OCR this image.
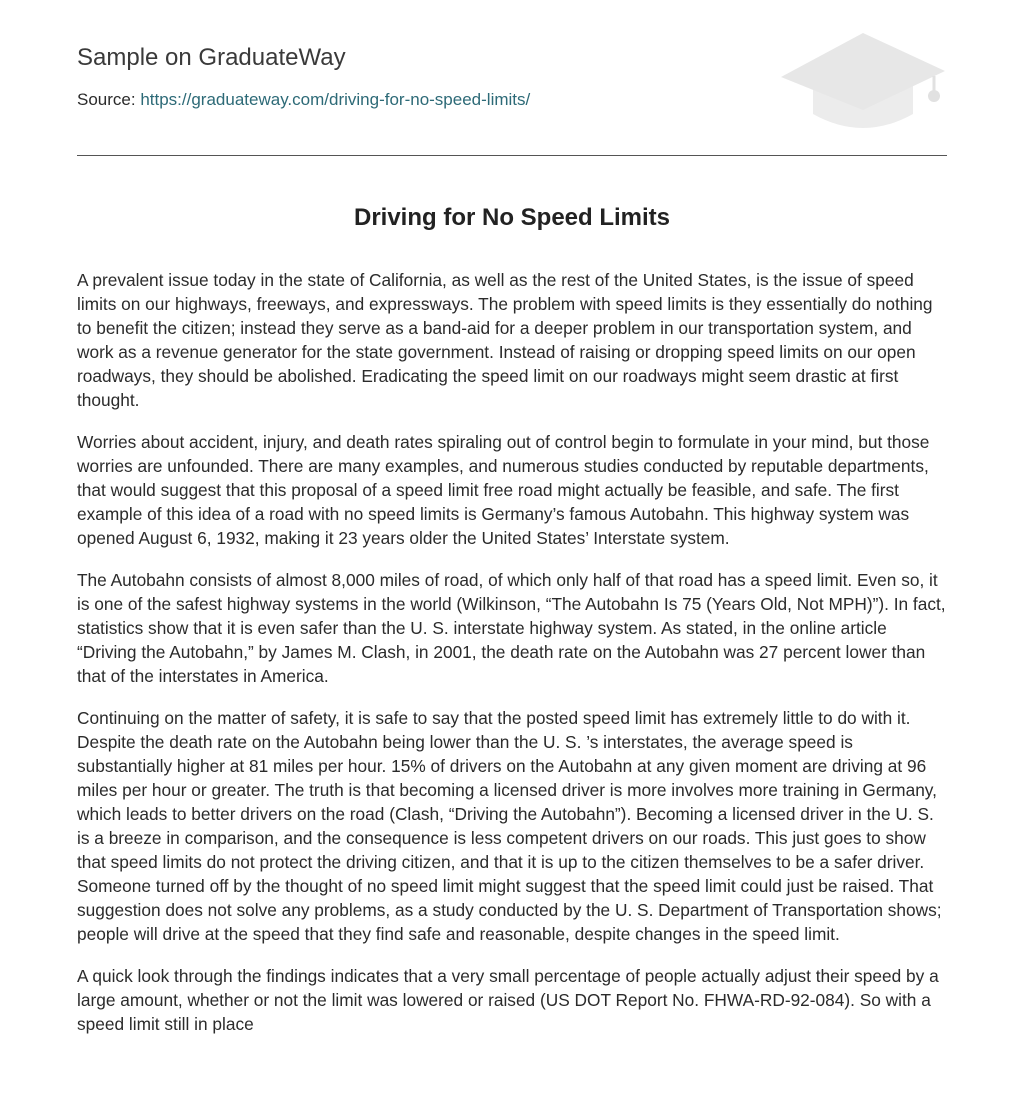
Sample on GraduateWay
Source: https://graduateway.com/driving-for-no-speed-limits/
Driving for No Speed Limits

A prevalent issue today in the state of California, as well as the rest of the United States, is the issue of speed limits on our highways, freeways, and expressways. The problem with speed limits is they essentially do nothing to benefit the citizen; instead they serve as a band-aid for a deeper problem in our transportation system, and work as a revenue generator for the state government. Instead of raising or dropping speed limits on our open roadways, they should be abolished. Eradicating the speed limit on our roadways might seem drastic at first thought.

Worries about accident, injury, and death rates spiraling out of control begin to formulate in your mind, but those worries are unfounded. There are many examples, and numerous studies conducted by reputable departments, that would suggest that this proposal of a speed limit free road might actually be feasible, and safe. The first example of this idea of a road with no speed limits is Germany’s famous Autobahn. This highway system was opened August 6, 1932, making it 23 years older the United States’ Interstate system.

The Autobahn consists of almost 8,000 miles of road, of which only half of that road has a speed limit. Even so, it is one of the safest highway systems in the world (Wilkinson, “The Autobahn Is 75 (Years Old, Not MPH)”). In fact, statistics show that it is even safer than the U. S. interstate highway system. As stated, in the online article “Driving the Autobahn,” by James M. Clash, in 2001, the death rate on the Autobahn was 27 percent lower than that of the interstates in America.

Continuing on the matter of safety, it is safe to say that the posted speed limit has extremely little to do with it. Despite the death rate on the Autobahn being lower than the U. S. ’s interstates, the average speed is substantially higher at 81 miles per hour. 15% of drivers on the Autobahn at any given moment are driving at 96 miles per hour or greater. The truth is that becoming a licensed driver is more involves more training in Germany, which leads to better drivers on the road (Clash, “Driving the Autobahn”). Becoming a licensed driver in the U. S. is a breeze in comparison, and the consequence is less competent drivers on our roads. This just goes to show that speed limits do not protect the driving citizen, and that it is up to the citizen themselves to be a safer driver. Someone turned off by the thought of no speed limit might suggest that the speed limit could just be raised. That suggestion does not solve any problems, as a study conducted by the U. S. Department of Transportation shows; people will drive at the speed that they find safe and reasonable, despite changes in the speed limit.

A quick look through the findings indicates that a very small percentage of people actually adjust their speed by a large amount, whether or not the limit was lowered or raised (US DOT Report No. FHWA-RD-92-084). So with a speed limit still in place
